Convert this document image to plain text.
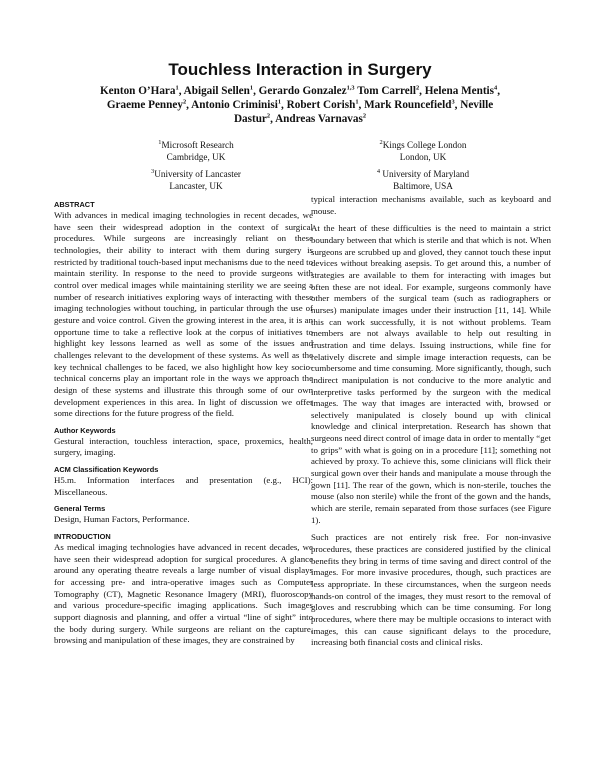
Touchless Interaction in Surgery
Kenton O’Hara$^1$, Abigail Sellen$^1$, Gerardo Gonzalez$^{1,3}$ Tom Carrell$^2$, Helena Mentis$^4$, Graeme Penney$^2$, Antonio Criminisi$^1$, Robert Corish$^1$, Mark Rouncefield$^3$, Neville Dastur$^2$, Andreas Varnavas$^2$
$^1$Microsoft Research
Cambridge, UK
$^2$Kings College London
London, UK
$^3$University of Lancaster
Lancaster, UK
$^4$ University of Maryland
Baltimore, USA
ABSTRACT

With advances in medical imaging technologies in recent decades, we have seen their widespread adoption in the context of surgical procedures. While surgeons are increasingly reliant on these technologies, their ability to interact with them during surgery is restricted by traditional touch-based input mechanisms due to the need to maintain sterility. In response to the need to provide surgeons with control over medical images while maintaining sterility we are seeing a number of research initiatives exploring ways of interacting with these imaging technologies without touching, in particular through the use of gesture and voice control. Given the growing interest in the area, it is an opportune time to take a reflective look at the corpus of initiatives to highlight key lessons learned as well as some of the issues and challenges relevant to the development of these systems. As well as the key technical challenges to be faced, we also highlight how key socio-technical concerns play an important role in the ways we approach the design of these systems and illustrate this through some of our own development experiences in this area. In light of discussion we offer some directions for the future progress of the field.

Author Keywords

Gestural interaction, touchless interaction, space, proxemics, health, surgery, imaging.

ACM Classification Keywords

H5.m. Information interfaces and presentation (e.g., HCI): Miscellaneous.

General Terms

Design, Human Factors, Performance.

INTRODUCTION

As medical imaging technologies have advanced in recent decades, we have seen their widespread adoption for surgical procedures. A glance around any operating theatre reveals a large number of visual displays for accessing pre- and intra-operative images such as Computer Tomography (CT), Magnetic Resonance Imagery (MRI), fluoroscopy and various procedure-specific imaging applications. Such images support diagnosis and planning, and offer a virtual “line of sight” into the body during surgery. While surgeons are reliant on the capture, browsing and manipulation of these images, they are constrained by

typical interaction mechanisms available, such as keyboard and mouse.

At the heart of these difficulties is the need to maintain a strict boundary between that which is sterile and that which is not. When surgeons are scrubbed up and gloved, they cannot touch these input devices without breaking asepsis. To get around this, a number of strategies are available to them for interacting with images but often these are not ideal. For example, surgeons commonly have other members of the surgical team (such as radiographers or nurses) manipulate images under their instruction [11, 14]. While this can work successfully, it is not without problems. Team members are not always available to help out resulting in frustration and time delays. Issuing instructions, while fine for relatively discrete and simple image interaction requests, can be cumbersome and time consuming. More significantly, though, such indirect manipulation is not conducive to the more analytic and interpretive tasks performed by the surgeon with the medical images. The way that images are interacted with, browsed or selectively manipulated is closely bound up with clinical knowledge and clinical interpretation. Research has shown that surgeons need direct control of image data in order to mentally “get to grips” with what is going on in a procedure [11]; something not achieved by proxy. To achieve this, some clinicians will flick their surgical gown over their hands and manipulate a mouse through the gown [11]. The rear of the gown, which is non-sterile, touches the mouse (also non sterile) while the front of the gown and the hands, which are sterile, remain separated from those surfaces (see Figure 1).

Such practices are not entirely risk free. For non-invasive procedures, these practices are considered justified by the clinical benefits they bring in terms of time saving and direct control of the images. For more invasive procedures, though, such practices are less appropriate. In these circumstances, when the surgeon needs hands-on control of the images, they must resort to the removal of gloves and rescrubbing which can be time consuming. For long procedures, where there may be multiple occasions to interact with images, this can cause significant delays to the procedure, increasing both financial costs and clinical risks.
